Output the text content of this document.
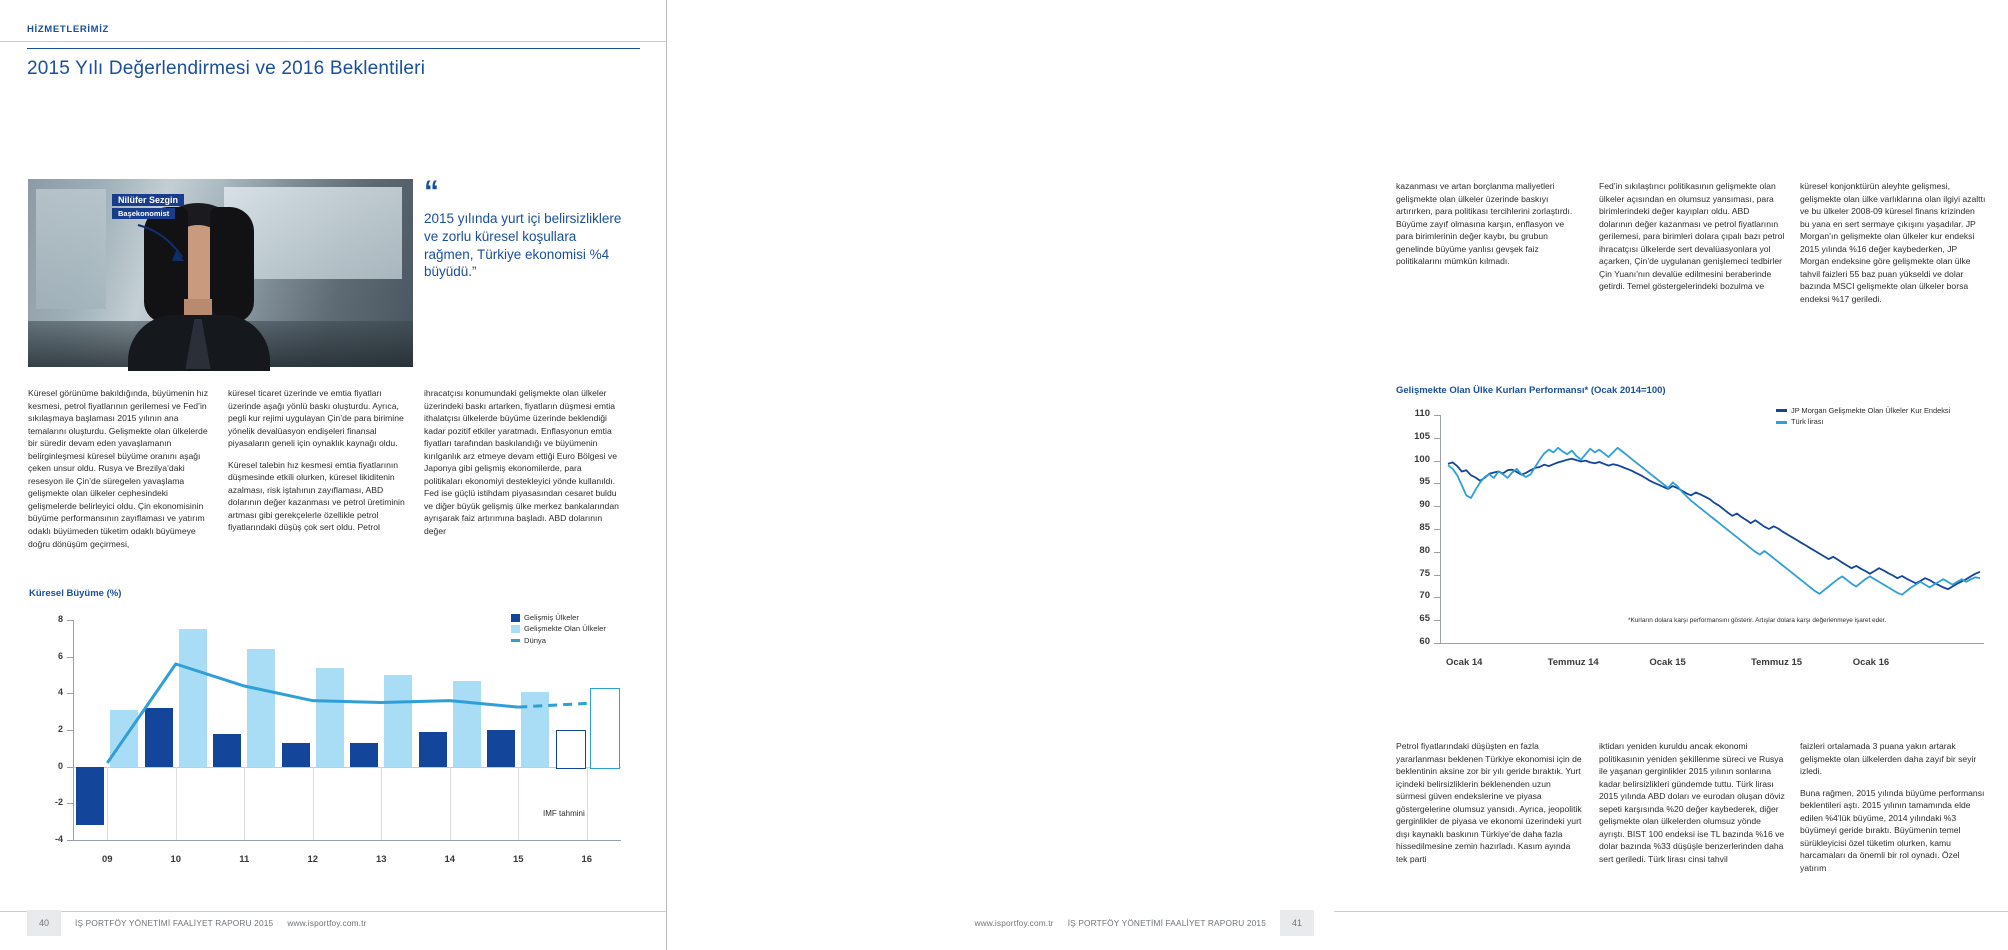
HİZMETLERİMİZ
2015 Yılı Değerlendirmesi ve 2016 Beklentileri
Nilüfer Sezgin
Başekonomist
“
2015 yılında yurt içi belirsizliklere ve zorlu küresel koşullara rağmen, Türkiye ekonomisi %4 büyüdü.”

Küresel görünüme bakıldığında, büyümenin hız kesmesi, petrol fiyatlarının gerilemesi ve Fed’in sıkılaşmaya başlaması 2015 yılının ana temalarını oluşturdu. Gelişmekte olan ülkelerde bir süredir devam eden yavaşlamanın belirginleşmesi küresel büyüme oranını aşağı çeken unsur oldu. Rusya ve Brezilya’daki resesyon ile Çin’de süregelen yavaşlama gelişmekte olan ülkeler cephesindeki gelişmelerde belirleyici oldu. Çin ekonomisinin büyüme performansının zayıflaması ve yatırım odaklı büyümeden tüketim odaklı büyümeye doğru dönüşüm geçirmesi,

küresel ticaret üzerinde ve emtia fiyatları üzerinde aşağı yönlü baskı oluşturdu. Ayrıca, pegli kur rejimi uygulayan Çin’de para birimine yönelik devalüasyon endişeleri finansal piyasaların geneli için oynaklık kaynağı oldu.

Küresel talebin hız kesmesi emtia fiyatlarının düşmesinde etkili olurken, küresel likiditenin azalması, risk iştahının zayıflaması, ABD dolarının değer kazanması ve petrol üretiminin artması gibi gerekçelerle özellikle petrol fiyatlarındaki düşüş çok sert oldu. Petrol

ihracatçısı konumundaki gelişmekte olan ülkeler üzerindeki baskı artarken, fiyatların düşmesi emtia ithalatçısı ülkelerde büyüme üzerinde beklendiği kadar pozitif etkiler yaratmadı. Enflasyonun emtia fiyatları tarafından baskılandığı ve büyümenin kırılganlık arz etmeye devam ettiği Euro Bölgesi ve Japonya gibi gelişmiş ekonomilerde, para politikaları ekonomiyi destekleyici yönde kullanıldı. Fed ise güçlü istihdam piyasasından cesaret buldu ve diğer büyük gelişmiş ülke merkez bankalarından ayrışarak faiz artırımına başladı. ABD dolarının değer

Küresel Büyüme (%)
-4
-2
0
2
4
6
8
09	10	11	12	13	14	15	16
IMF tahmini
Gelişmiş Ülkeler
Gelişmekte Olan Ülkeler
Dünya
40	İŞ PORTFÖY YÖNETİMİ FAALİYET RAPORU 2015 www.isportfoy.com.tr

kazanması ve artan borçlanma maliyetleri gelişmekte olan ülkeler üzerinde baskıyı artırırken, para politikası tercihlerini zorlaştırdı. Büyüme zayıf olmasına karşın, enflasyon ve para birimlerinin değer kaybı, bu grubun genelinde büyüme yanlısı gevşek faiz politikalarını mümkün kılmadı.

Fed’in sıkılaştırıcı politikasının gelişmekte olan ülkeler açısından en olumsuz yansıması, para birimlerindeki değer kayıpları oldu. ABD dolarının değer kazanması ve petrol fiyatlarının gerilemesi, para birimleri dolara çıpalı bazı petrol ihracatçısı ülkelerde sert devalüasyonlara yol açarken, Çin’de uygulanan genişlemeci tedbirler Çin Yuanı’nın devalüe edilmesini beraberinde getirdi. Temel göstergelerindeki bozulma ve

küresel konjonktürün aleyhte gelişmesi, gelişmekte olan ülke varlıklarına olan ilgiyi azalttı ve bu ülkeler 2008-09 küresel finans krizinden bu yana en sert sermaye çıkışını yaşadılar. JP Morgan’ın gelişmekte olan ülkeler kur endeksi 2015 yılında %16 değer kaybederken, JP Morgan endeksine göre gelişmekte olan ülke tahvil faizleri 55 baz puan yükseldi ve dolar bazında MSCI gelişmekte olan ülkeler borsa endeksi %17 geriledi.

Gelişmekte Olan Ülke Kurları Performansı* (Ocak 2014=100)
60
65
70
75
80
85
90
95
100
105
110
Ocak 14	Temmuz 14	Ocak 15	Temmuz 15	Ocak 16
*Kurların dolara karşı performansını gösterir. Artışlar dolara karşı değerlenmeye işaret eder.
JP Morgan Gelişmekte Olan Ülkeler Kur Endeksi
Türk lirası

Petrol fiyatlarındaki düşüşten en fazla yararlanması beklenen Türkiye ekonomisi için de beklentinin aksine zor bir yılı geride bıraktık. Yurt içindeki belirsizliklerin beklenenden uzun sürmesi güven endekslerine ve piyasa göstergelerine olumsuz yansıdı. Ayrıca, jeopolitik gerginlikler de piyasa ve ekonomi üzerindeki yurt dışı kaynaklı baskının Türkiye’de daha fazla hissedilmesine zemin hazırladı. Kasım ayında tek parti

iktidarı yeniden kuruldu ancak ekonomi politikasının yeniden şekillenme süreci ve Rusya ile yaşanan gerginlikler 2015 yılının sonlarına kadar belirsizlikleri gündemde tuttu. Türk lirası 2015 yılında ABD doları ve eurodan oluşan döviz sepeti karşısında %20 değer kaybederek, diğer gelişmekte olan ülkelerden olumsuz yönde ayrıştı. BIST 100 endeksi ise TL bazında %16 ve dolar bazında %33 düşüşle benzerlerinden daha sert geriledi. Türk lirası cinsi tahvil

faizleri ortalamada 3 puana yakın artarak gelişmekte olan ülkelerden daha zayıf bir seyir izledi.

Buna rağmen, 2015 yılında büyüme performansı beklentileri aştı. 2015 yılının tamamında elde edilen %4’lük büyüme, 2014 yılındaki %3 büyümeyi geride bıraktı. Büyümenin temel sürükleyicisi özel tüketim olurken, kamu harcamaları da önemli bir rol oynadı. Özel yatırım

www.isportfoy.com.tr İŞ PORTFÖY YÖNETİMİ FAALİYET RAPORU 2015	41
